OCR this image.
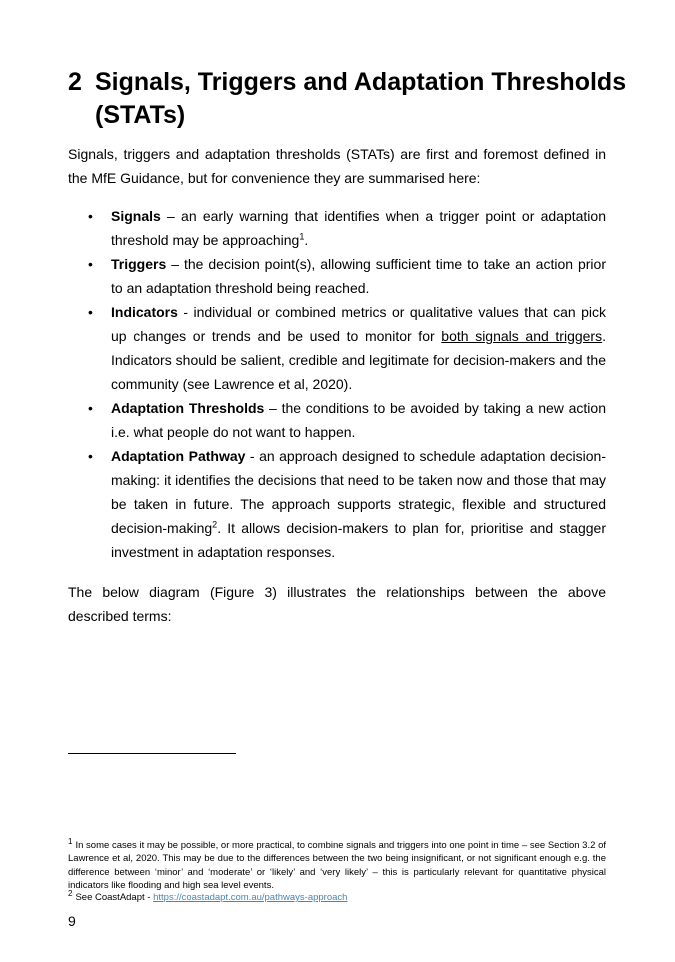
2 Signals, Triggers and Adaptation Thresholds (STATs)

Signals, triggers and adaptation thresholds (STATs) are first and foremost defined in the MfE Guidance, but for convenience they are summarised here:

• Signals – an early warning that identifies when a trigger point or adaptation threshold may be approaching$^1$.
• Triggers – the decision point(s), allowing sufficient time to take an action prior to an adaptation threshold being reached.
• Indicators - individual or combined metrics or qualitative values that can pick up changes or trends and be used to monitor for both signals and triggers. Indicators should be salient, credible and legitimate for decision-makers and the community (see Lawrence et al, 2020).
• Adaptation Thresholds – the conditions to be avoided by taking a new action i.e. what people do not want to happen.
• Adaptation Pathway - an approach designed to schedule adaptation decision-making: it identifies the decisions that need to be taken now and those that may be taken in future. The approach supports strategic, flexible and structured decision-making$^2$. It allows decision-makers to plan for, prioritise and stagger investment in adaptation responses.

The below diagram (Figure 3) illustrates the relationships between the above described terms:

$^1$ In some cases it may be possible, or more practical, to combine signals and triggers into one point in time – see Section 3.2 of Lawrence et al, 2020. This may be due to the differences between the two being insignificant, or not significant enough e.g. the difference between ‘minor’ and ‘moderate’ or ‘likely’ and ‘very likely’ – this is particularly relevant for quantitative physical indicators like flooding and high sea level events.

$^2$ See CoastAdapt - https://coastadapt.com.au/pathways-approach

9
